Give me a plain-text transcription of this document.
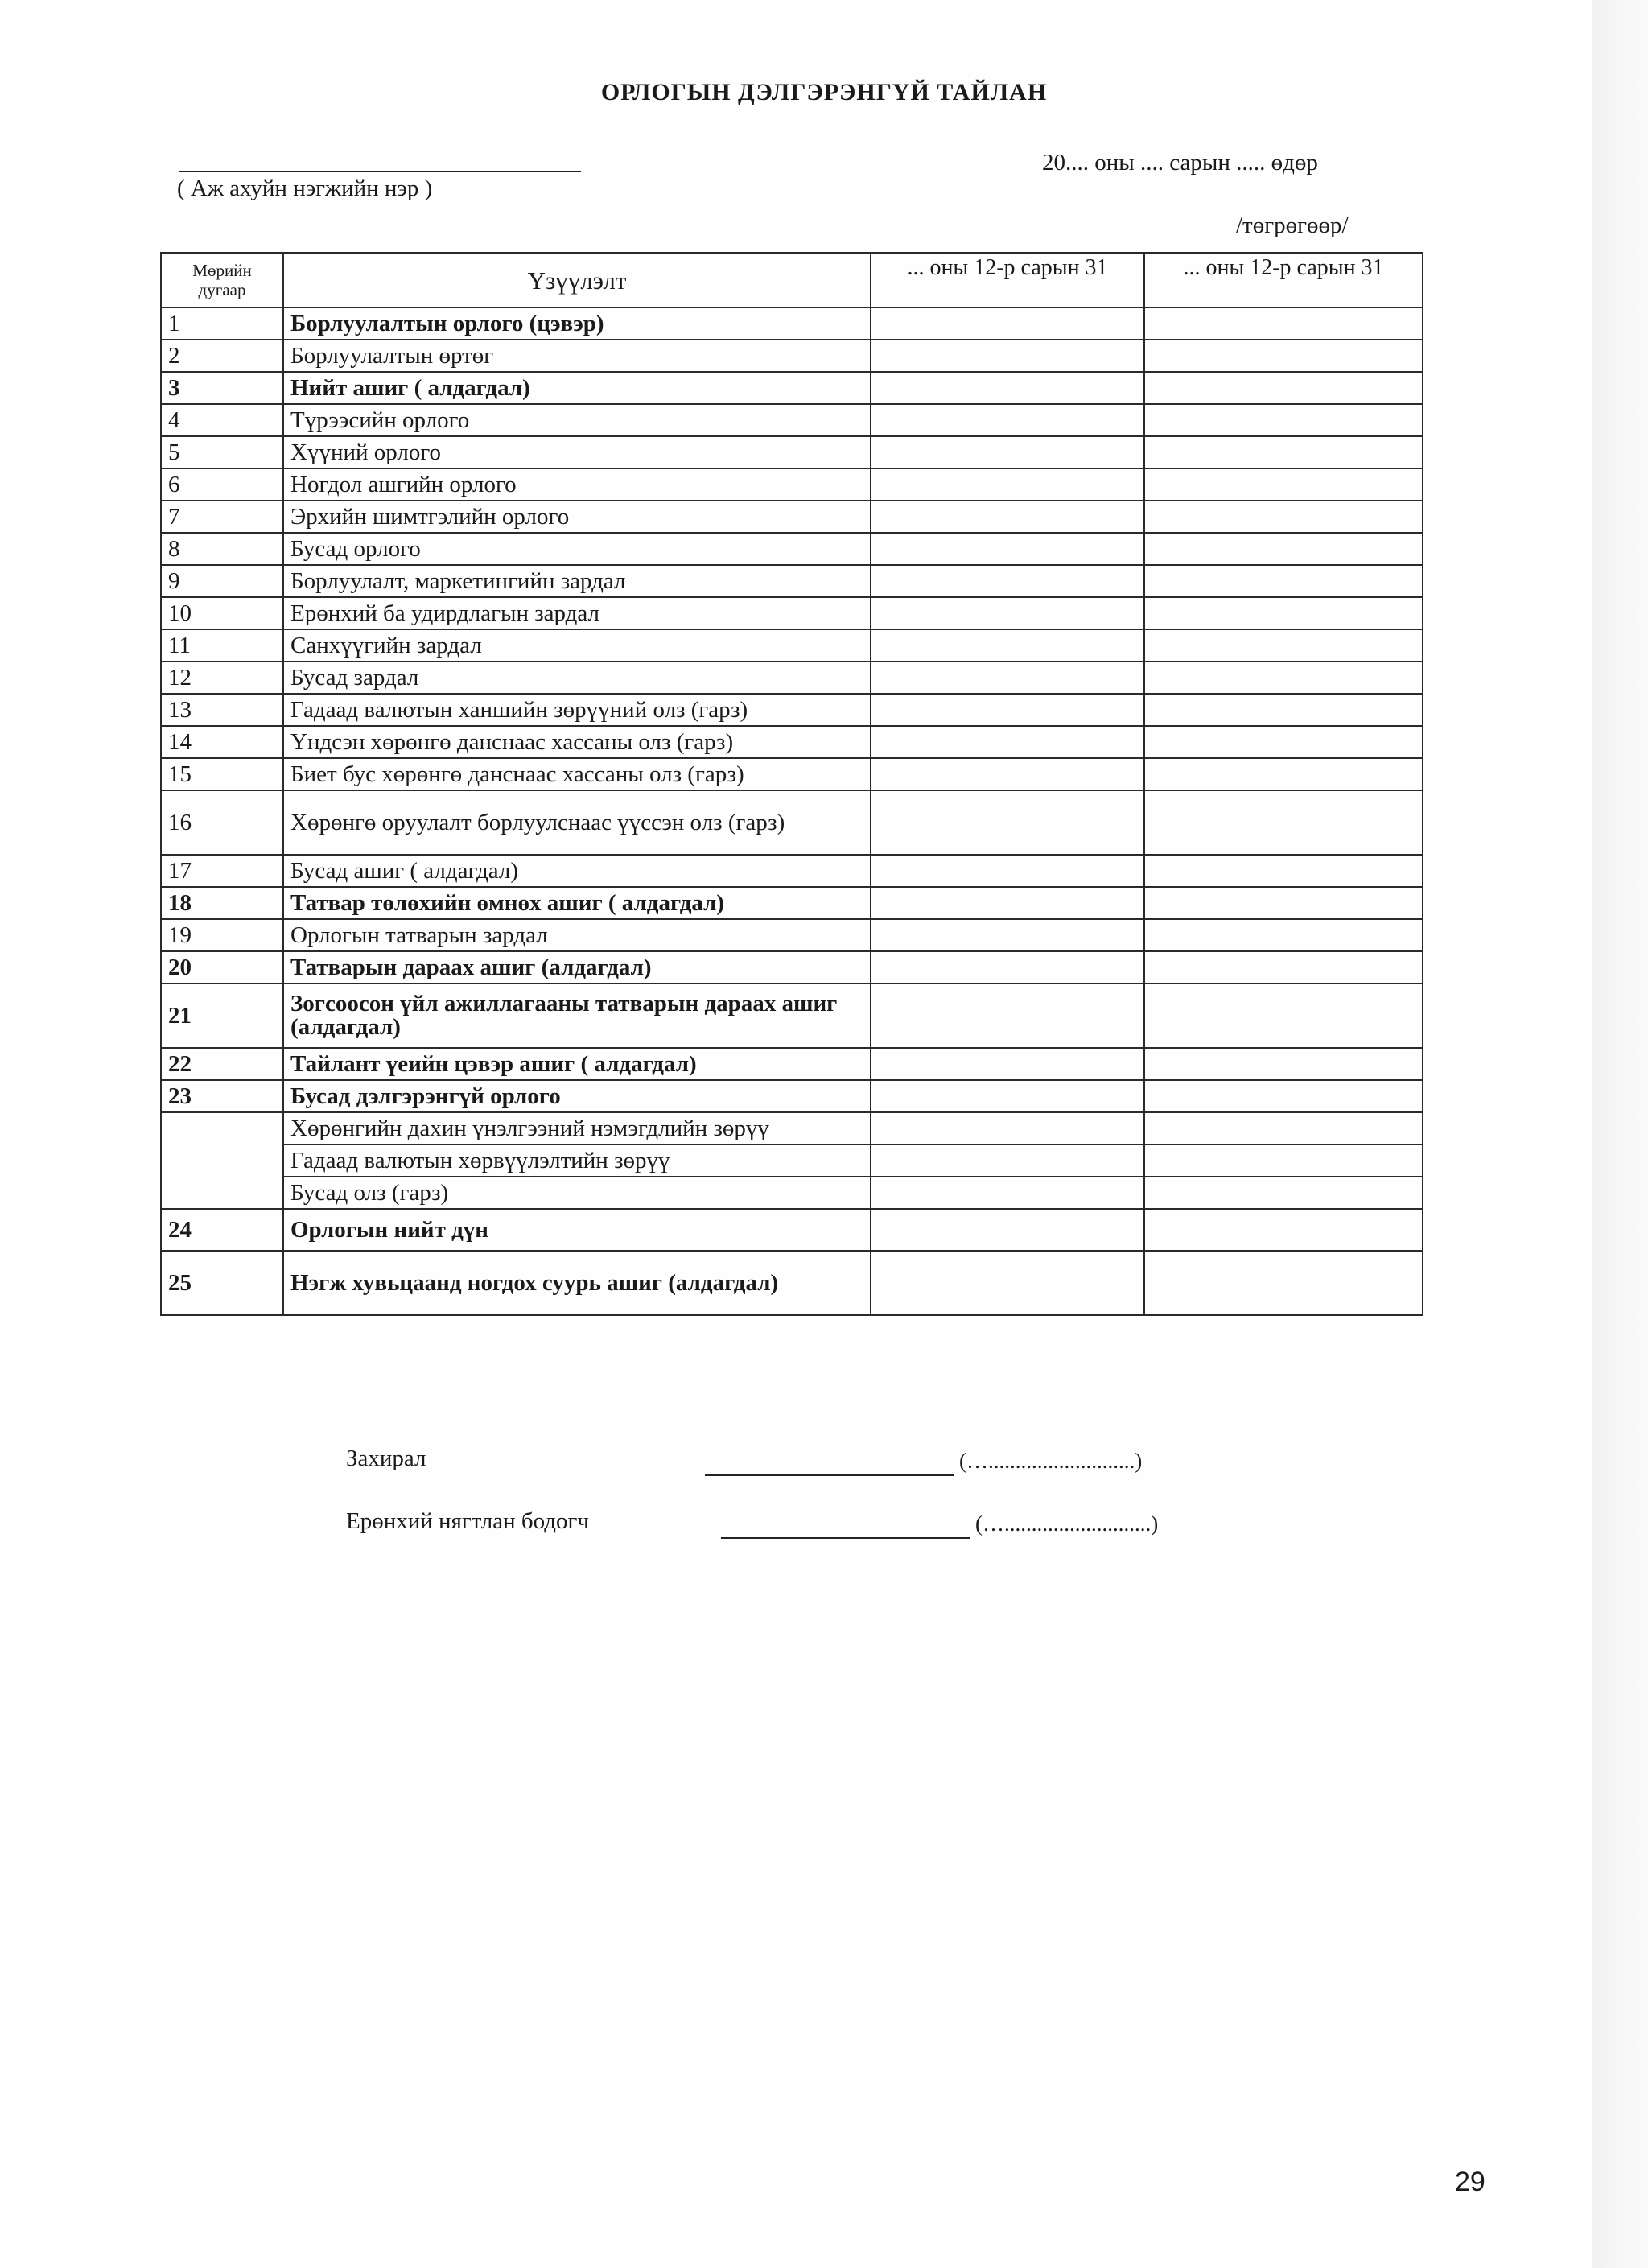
ОРЛОГЫН ДЭЛГЭРЭНГҮЙ ТАЙЛАН
( Аж ахуйн нэгжийн нэр )
20.... оны .... сарын ..... өдөр
/төгрөгөөр/
Мөрийн дугаар	Үзүүлэлт	... оны 12-р сарын 31	... оны 12-р сарын 31
1	Борлуулалтын орлого (цэвэр)		
2	Борлуулалтын өртөг		
3	Нийт ашиг ( алдагдал)		
4	Түрээсийн орлого		
5	Хүүний орлого		
6	Ногдол ашгийн орлого		
7	Эрхийн шимтгэлийн орлого		
8	Бусад орлого		
9	Борлуулалт, маркетингийн зардал		
10	Ерөнхий ба удирдлагын зардал		
11	Санхүүгийн зардал		
12	Бусад зардал		
13	Гадаад валютын ханшийн зөрүүний олз (гарз)		
14	Үндсэн хөрөнгө данснаас хассаны олз (гарз)		
15	Биет бус хөрөнгө данснаас хассаны олз (гарз)		
16	Хөрөнгө оруулалт борлуулснаас үүссэн олз (гарз)		
17	Бусад ашиг ( алдагдал)		
18	Татвар төлөхийн өмнөх ашиг ( алдагдал)		
19	Орлогын татварын зардал		
20	Татварын дараах ашиг (алдагдал)		
21	Зогсоосон үйл ажиллагааны татварын дараах ашиг (алдагдал)		
22	Тайлант үеийн цэвэр ашиг ( алдагдал)		
23	Бусад дэлгэрэнгүй орлого		
	Хөрөнгийн дахин үнэлгээний нэмэгдлийн зөрүү		
	Гадаад валютын хөрвүүлэлтийн зөрүү		
	Бусад олз (гарз)		
24	Орлогын нийт дүн		
25	Нэгж хувьцаанд ногдох суурь ашиг (алдагдал)		
Захирал	(…...........................)
Ерөнхий нягтлан бодогч	(…...........................)
29
